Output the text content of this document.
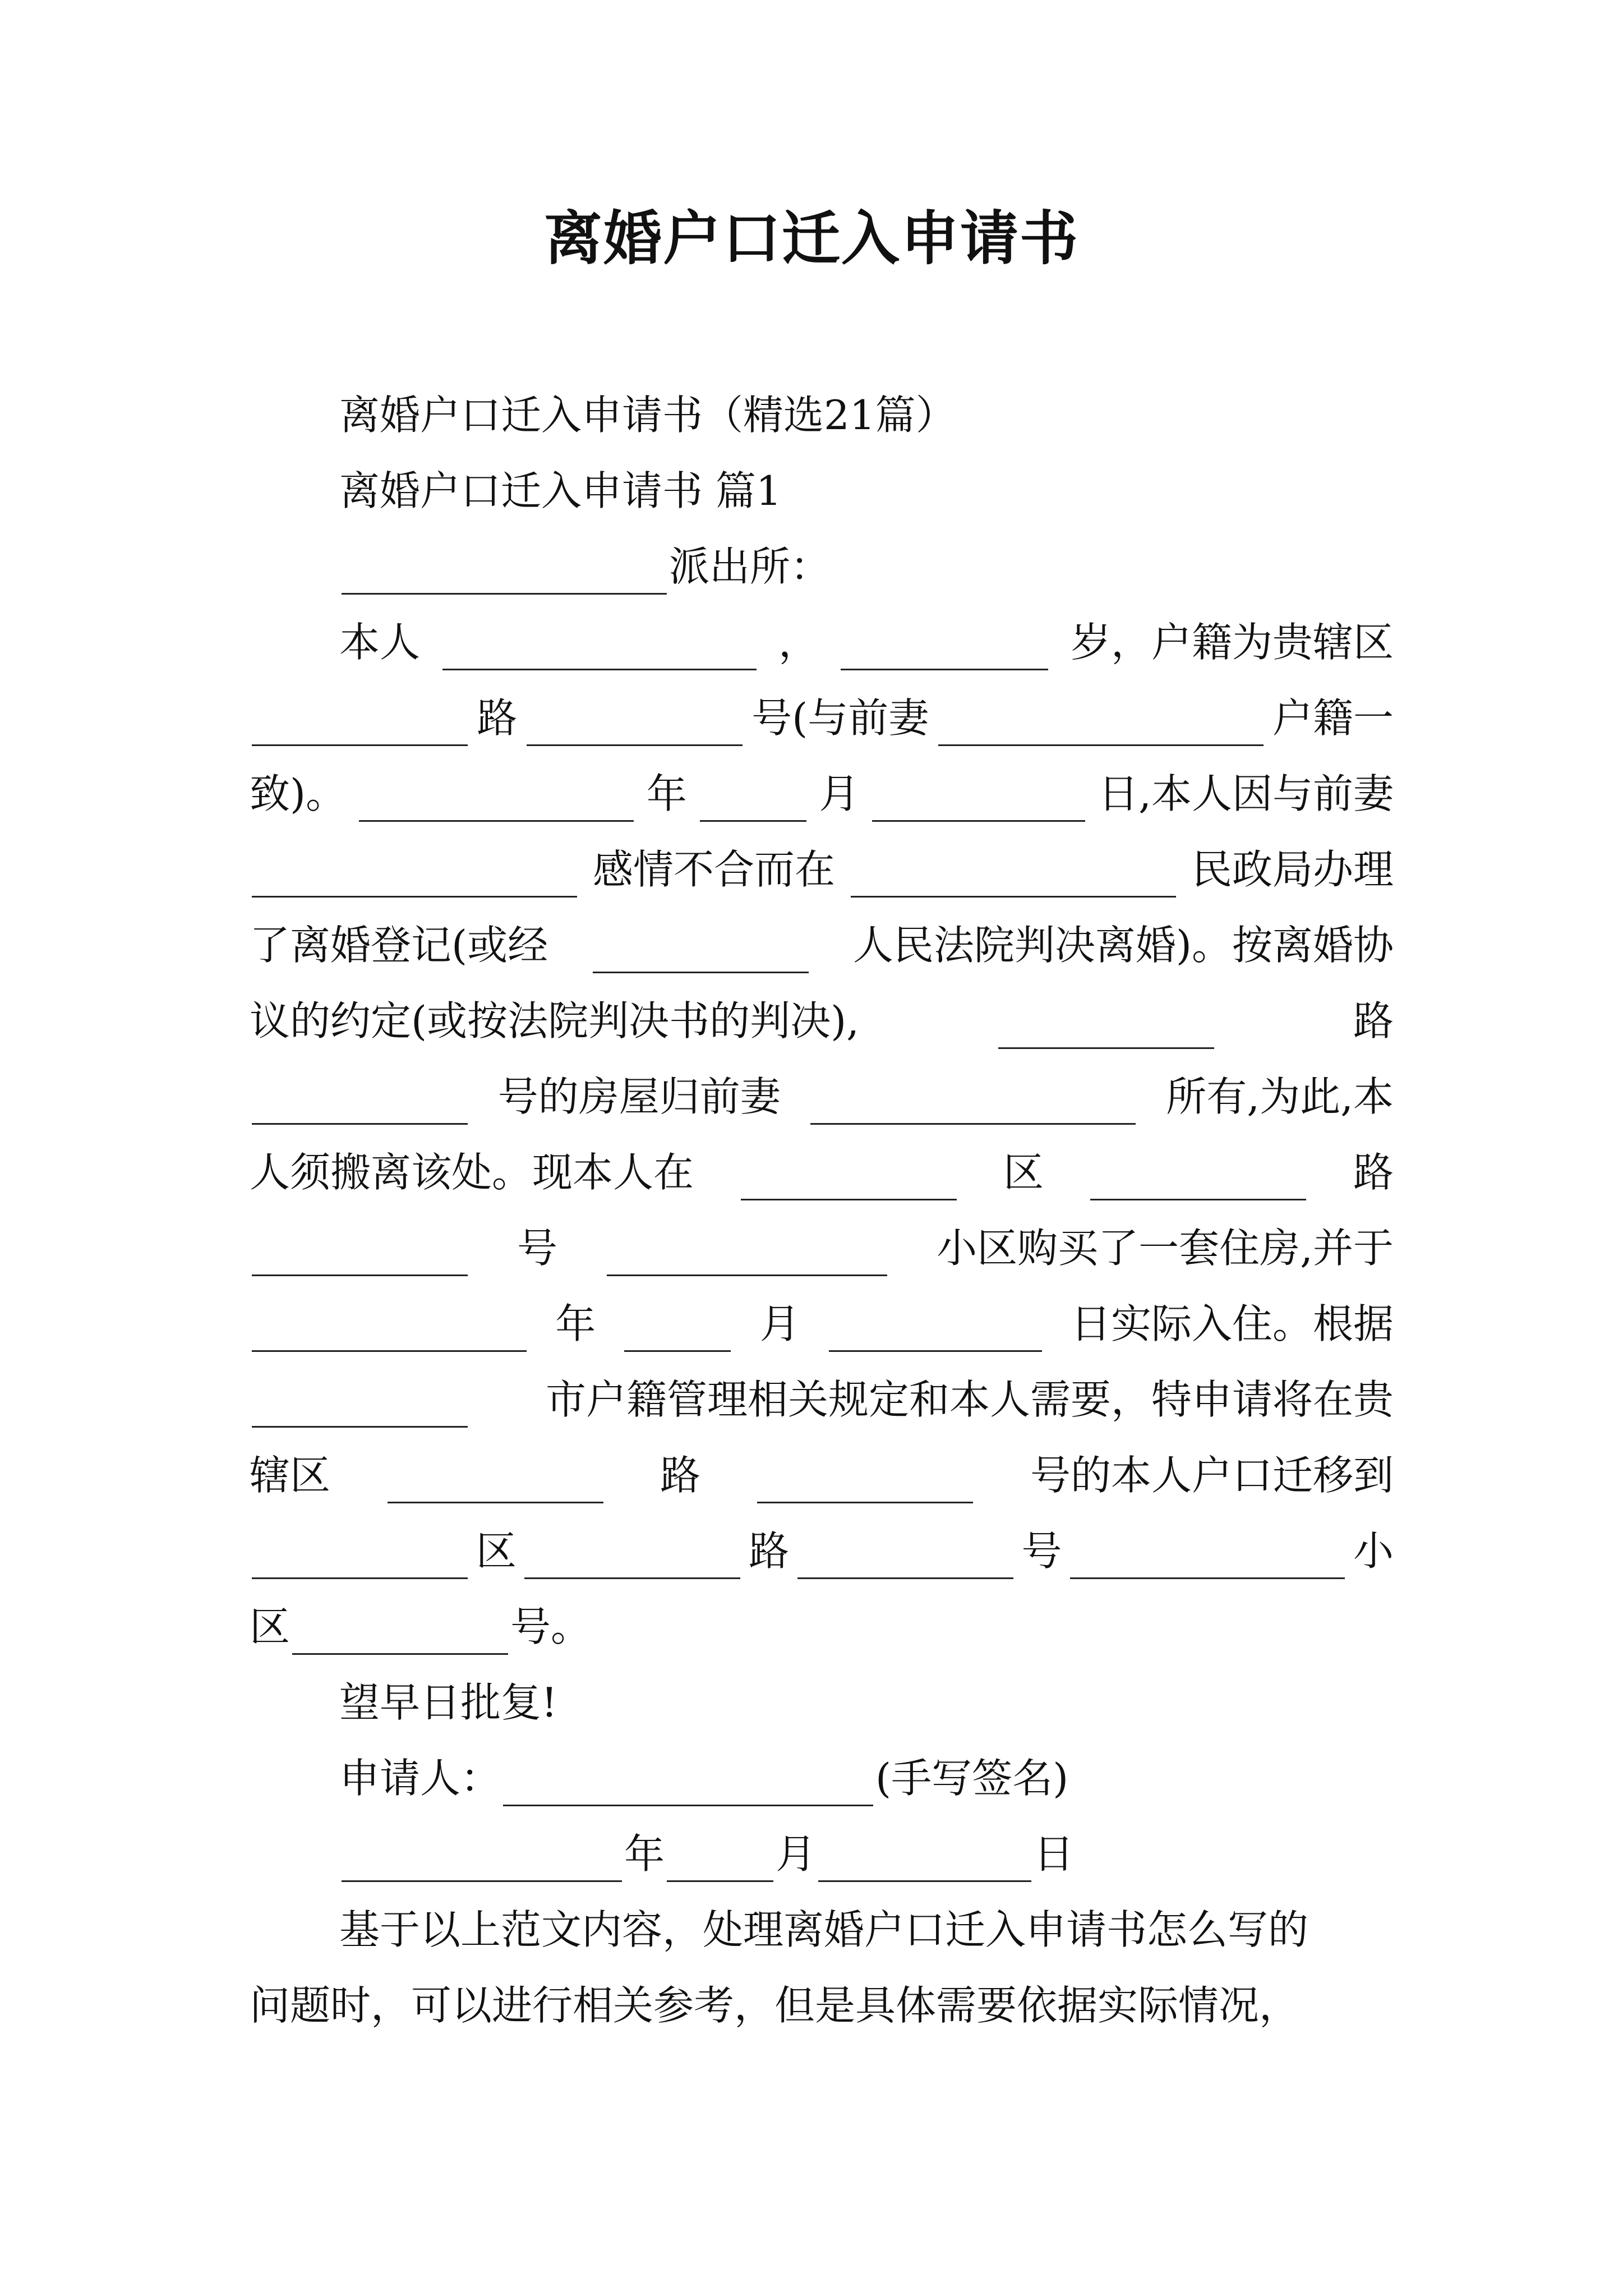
离婚户口迁入申请书
离婚户口迁入申请书（精选21篇）
离婚户口迁入申请书 篇1
派出所：
本人	，	岁，户籍为贵辖区
路	号(与前妻	户籍一
致)。	年	月	日,本人因与前妻
感情不合而在	民政局办理
了离婚登记(或经	人民法院判决离婚)。按离婚协
议的约定(或按法院判决书的判决),	路
号的房屋归前妻	所有,为此,本
人须搬离该处。现本人在	区	路
号	小区购买了一套住房,并于
年	月	日实际入住。根据
市户籍管理相关规定和本人需要，特申请将在贵
辖区	路	号的本人户口迁移到
区	路	号	小
区	号。
望早日批复!
申请人：	(手写签名)
年	月	日
基于以上范文内容，处理离婚户口迁入申请书怎么写的
问题时，可以进行相关参考，但是具体需要依据实际情况，
